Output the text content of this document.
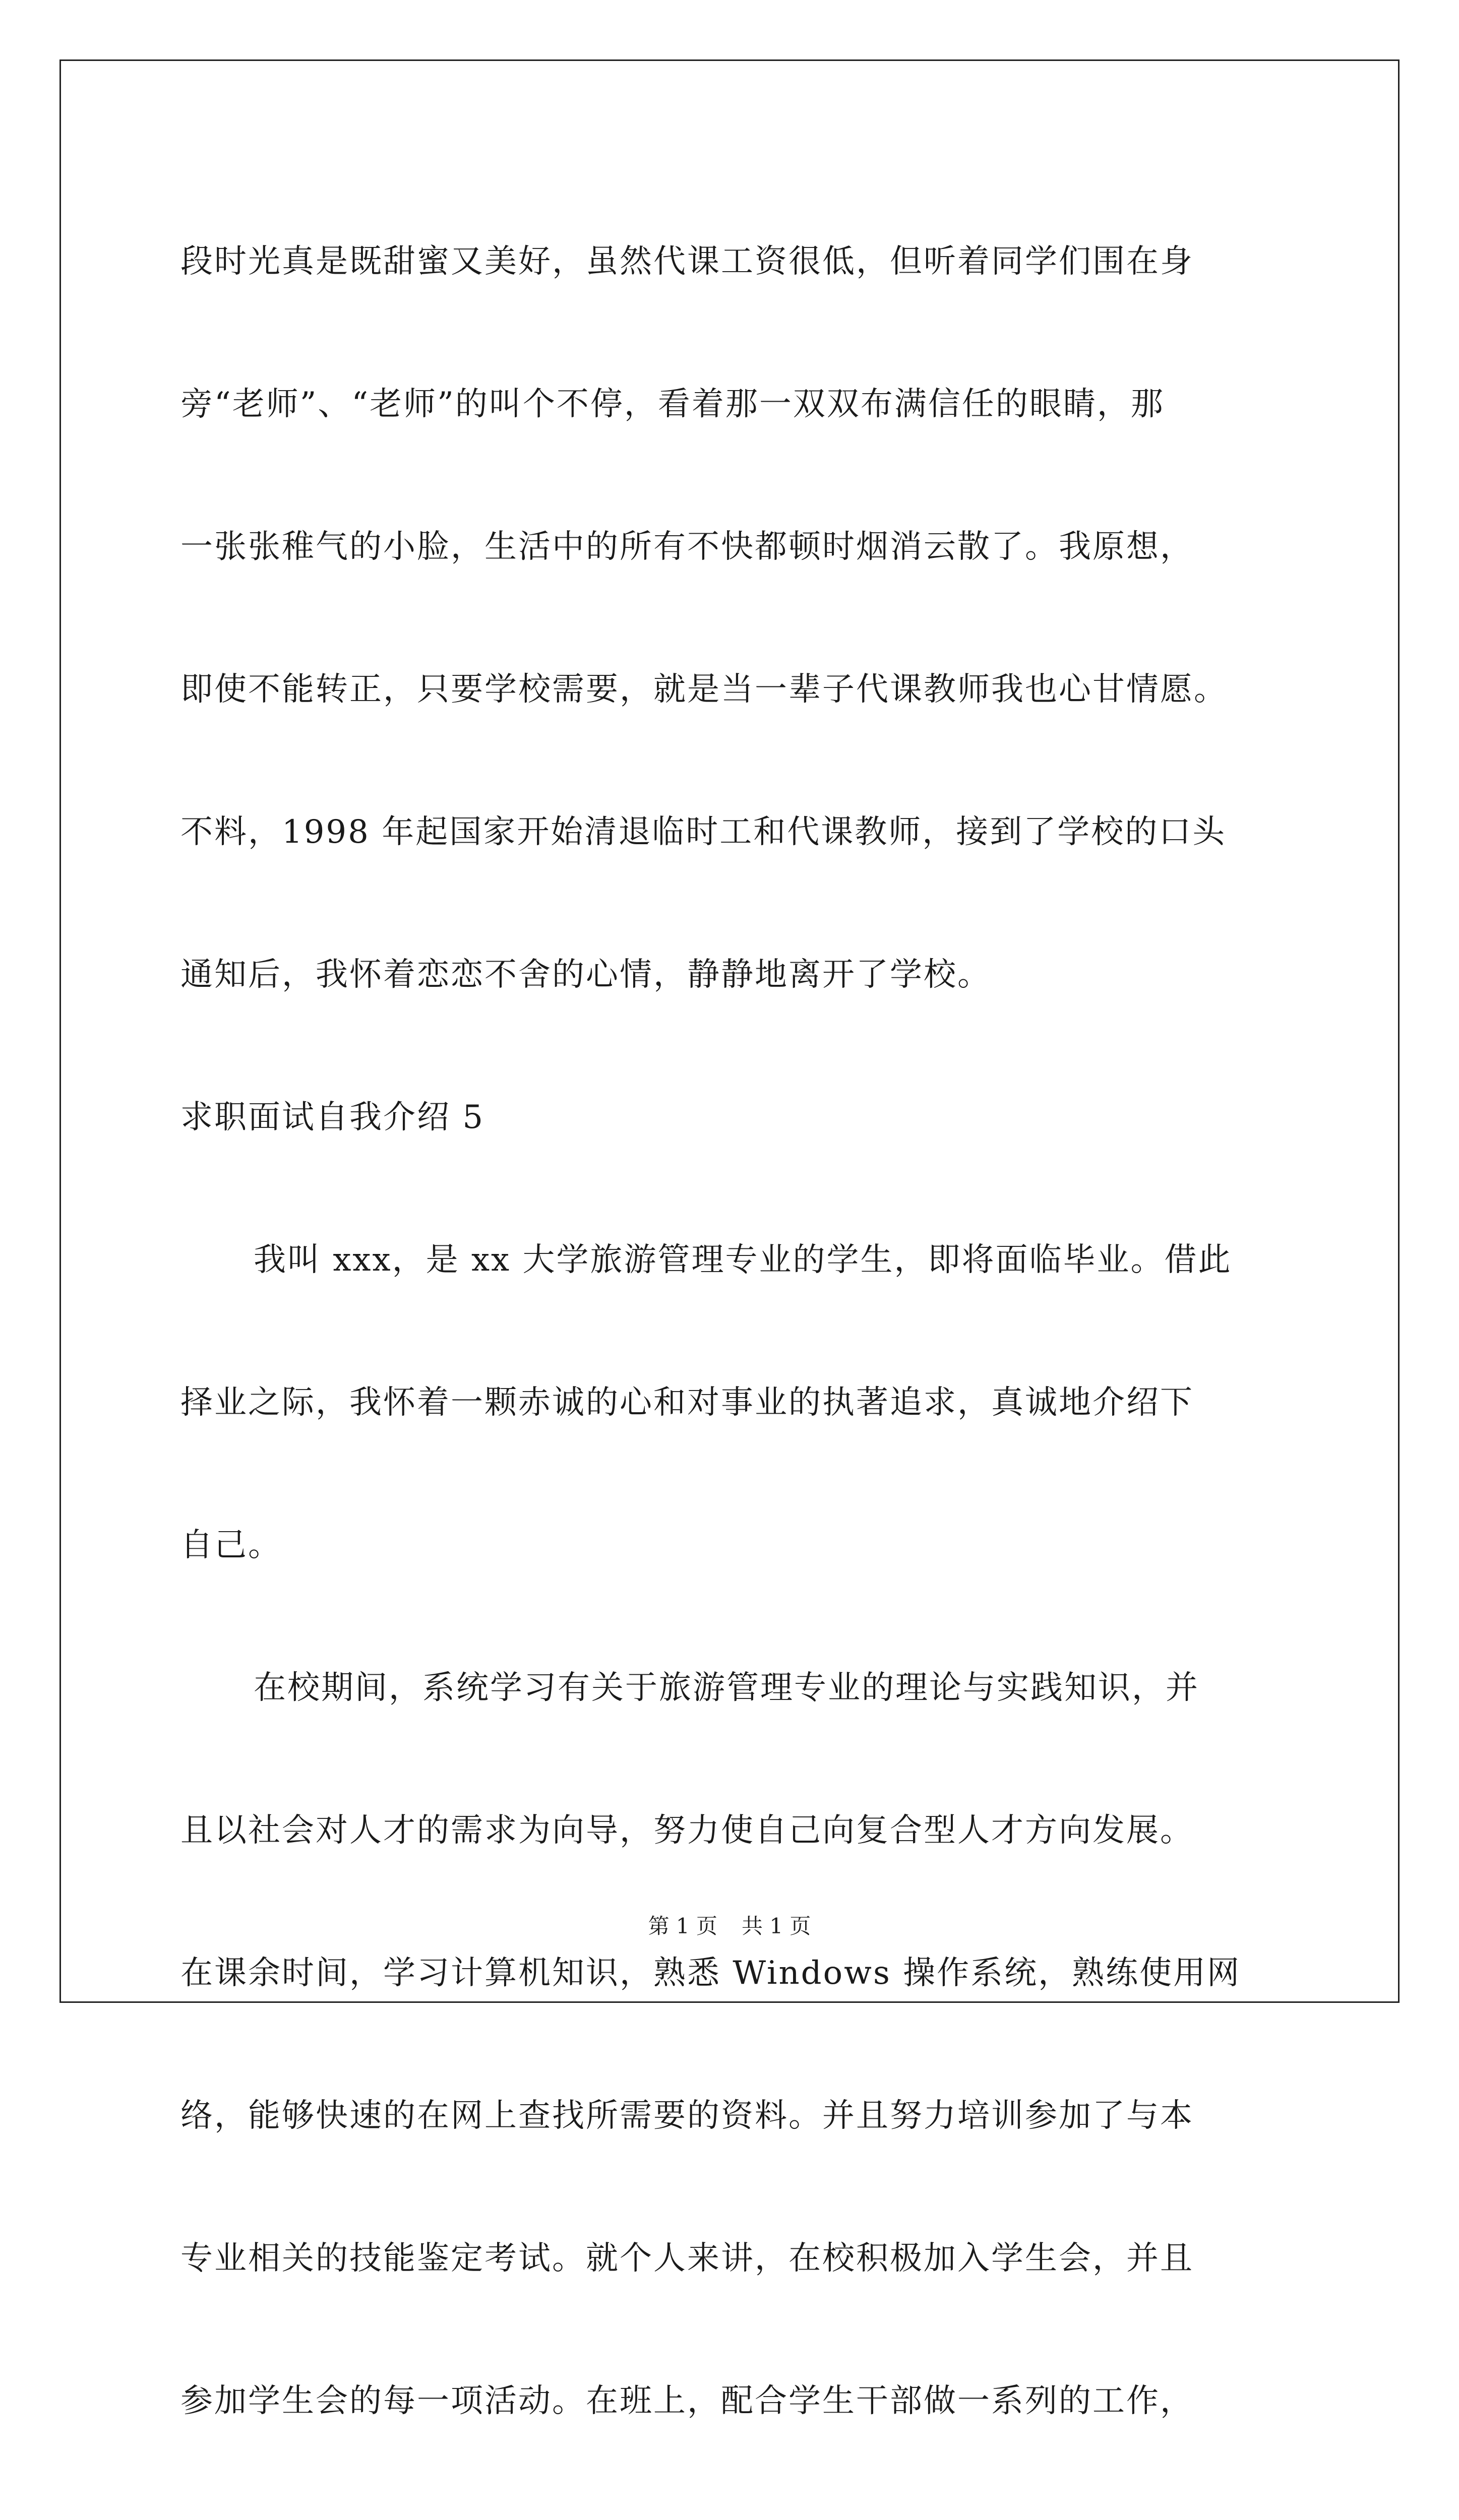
段时光真是既甜蜜又美好，虽然代课工资很低，但听着同学们围在身
旁“老师”、“老师”的叫个不停，看着那一双双布满信任的眼睛，那
一张张稚气的小脸，生活中的所有不快都顿时烟消云散了。我原想，
即使不能转正，只要学校需要，就是当一辈子代课教师我也心甘情愿。
不料，1998 年起国家开始清退临时工和代课教师，接到了学校的口头
通知后，我怀着恋恋不舍的心情，静静地离开了学校。
求职面试自我介绍 5
我叫 xxx，是 xx 大学旅游管理专业的学生，即将面临毕业。借此
择业之际，我怀着一颗赤诚的心和对事业的执著追求，真诚地介绍下
自己。
在校期间，系统学习有关于旅游管理专业的理论与实践知识，并
且以社会对人才的需求为向导，努力使自己向复合型人才方向发展。
在课余时间，学习计算机知识，熟悉 Windows 操作系统，熟练使用网
络，能够快速的在网上查找所需要的资料。并且努力培训参加了与本
专业相关的技能鉴定考试。就个人来讲，在校积极加入学生会，并且
参加学生会的每一项活动。在班上，配合学生干部做一系列的工作，
第 1 页 共 1 页
